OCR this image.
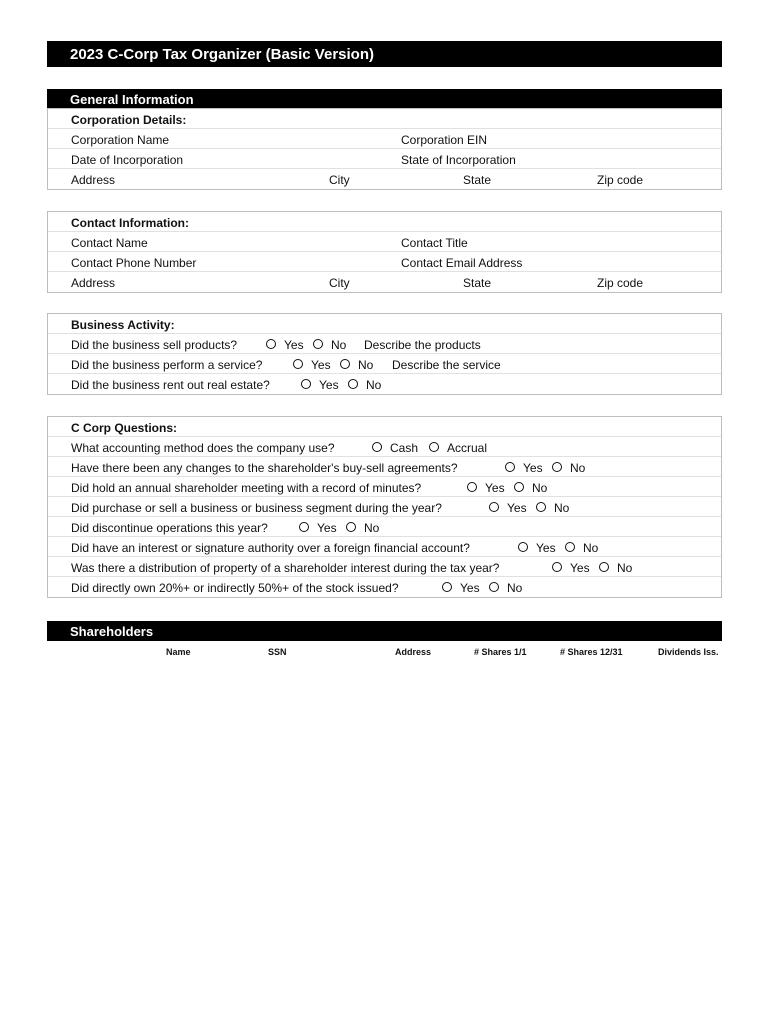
2023 C-Corp Tax Organizer (Basic Version)
General Information
Corporation Details:
Corporation Name	Corporation EIN
Date of Incorporation	State of Incorporation
Address	City	State	Zip code
Contact Information:
Contact Name	Contact Title
Contact Phone Number	Contact Email Address
Address	City	State	Zip code
Business Activity:
Did the business sell products?	Yes No Describe the products
Did the business perform a service?	Yes No Describe the service
Did the business rent out real estate?	Yes No
C Corp Questions:
What accounting method does the company use?	Cash Accrual
Have there been any changes to the shareholder's buy-sell agreements?	Yes No
Did hold an annual shareholder meeting with a record of minutes?	Yes No
Did purchase or sell a business or business segment during the year?	Yes No
Did discontinue operations this year?	Yes No
Did have an interest or signature authority over a foreign financial account?	Yes No
Was there a distribution of property of a shareholder interest during the tax year?	Yes No
Did directly own 20%+ or indirectly 50%+ of the stock issued?	Yes No
Shareholders
Name	SSN	Address	# Shares 1/1	# Shares 12/31	Dividends Iss.
